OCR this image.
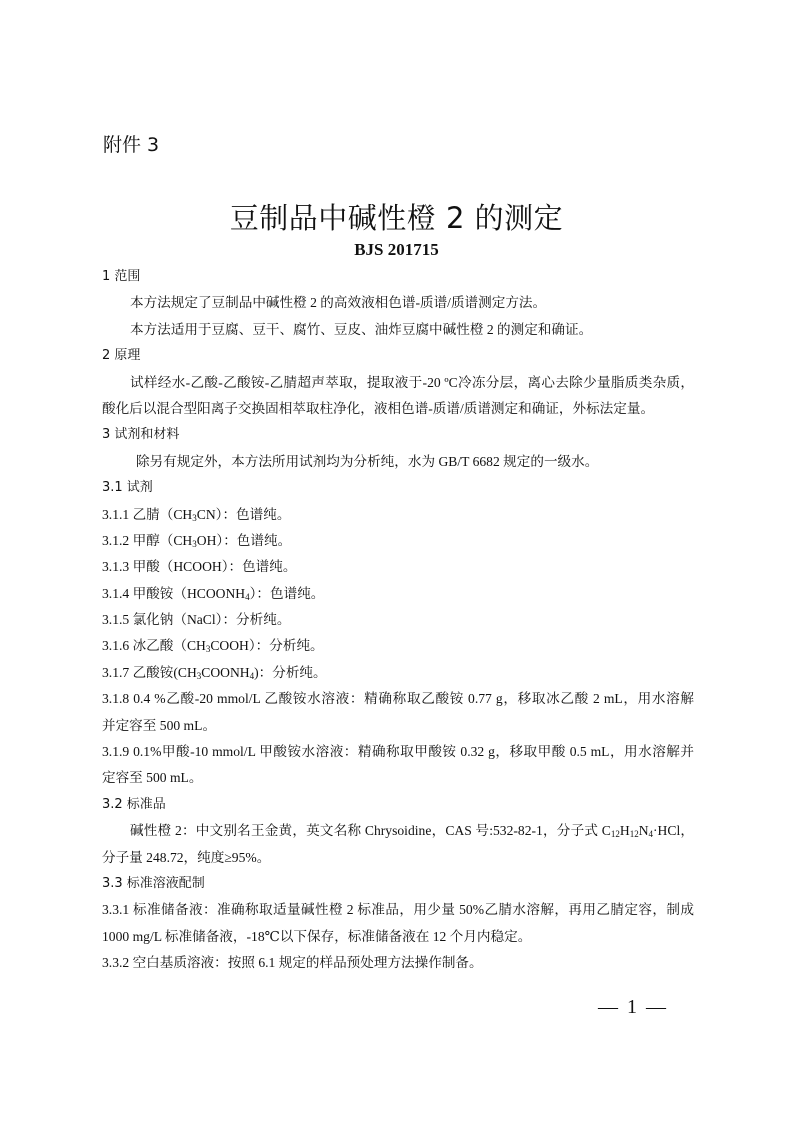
附件 3
豆制品中碱性橙 2 的测定
BJS 201715
1 范围
本方法规定了豆制品中碱性橙 2 的高效液相色谱-质谱/质谱测定方法。
本方法适用于豆腐、豆干、腐竹、豆皮、油炸豆腐中碱性橙 2 的测定和确证。
2 原理
试样经水-乙酸-乙酸铵-乙腈超声萃取，提取液于-20 ºC冷冻分层，离心去除少量脂质类杂质，
酸化后以混合型阳离子交换固相萃取柱净化，液相色谱-质谱/质谱测定和确证，外标法定量。
3 试剂和材料
除另有规定外，本方法所用试剂均为分析纯，水为 GB/T 6682 规定的一级水。
3.1 试剂
3.1.1 乙腈$(CH_3CN)$：色谱纯。
3.1.2 甲醇$(CH_3OH)$：色谱纯。
3.1.3 甲酸（HCOOH）：色谱纯。
3.1.4 甲酸铵$(HCOONH_4)$：色谱纯。
3.1.5 氯化钠（NaCl）：分析纯。
3.1.6 冰乙酸$(CH_3COOH)$：分析纯。
3.1.7 乙酸铵$(CH_3COONH_4)$：分析纯。
3.1.8 0.4 %乙酸-20 mmol/L 乙酸铵水溶液：精确称取乙酸铵 0.77 g，移取冰乙酸 2 mL，用水溶解
并定容至 500 mL。
3.1.9 0.1%甲酸-10 mmol/L 甲酸铵水溶液：精确称取甲酸铵 0.32 g，移取甲酸 0.5 mL，用水溶解并
定容至 500 mL。
3.2 标准品
碱性橙 2：中文别名王金黄，英文名称 Chrysoidine，CAS 号:532-82-1，分子式 $C_{12}H_{12}N_4\cdot HCl$，
分子量 248.72，纯度≥95%。
3.3 标准溶液配制
3.3.1 标准储备液：准确称取适量碱性橙 2 标准品，用少量 50%乙腈水溶解，再用乙腈定容，制成
1000 mg/L 标准储备液，-18℃以下保存，标准储备液在 12 个月内稳定。
3.3.2 空白基质溶液：按照 6.1 规定的样品预处理方法操作制备。
— 1 —
